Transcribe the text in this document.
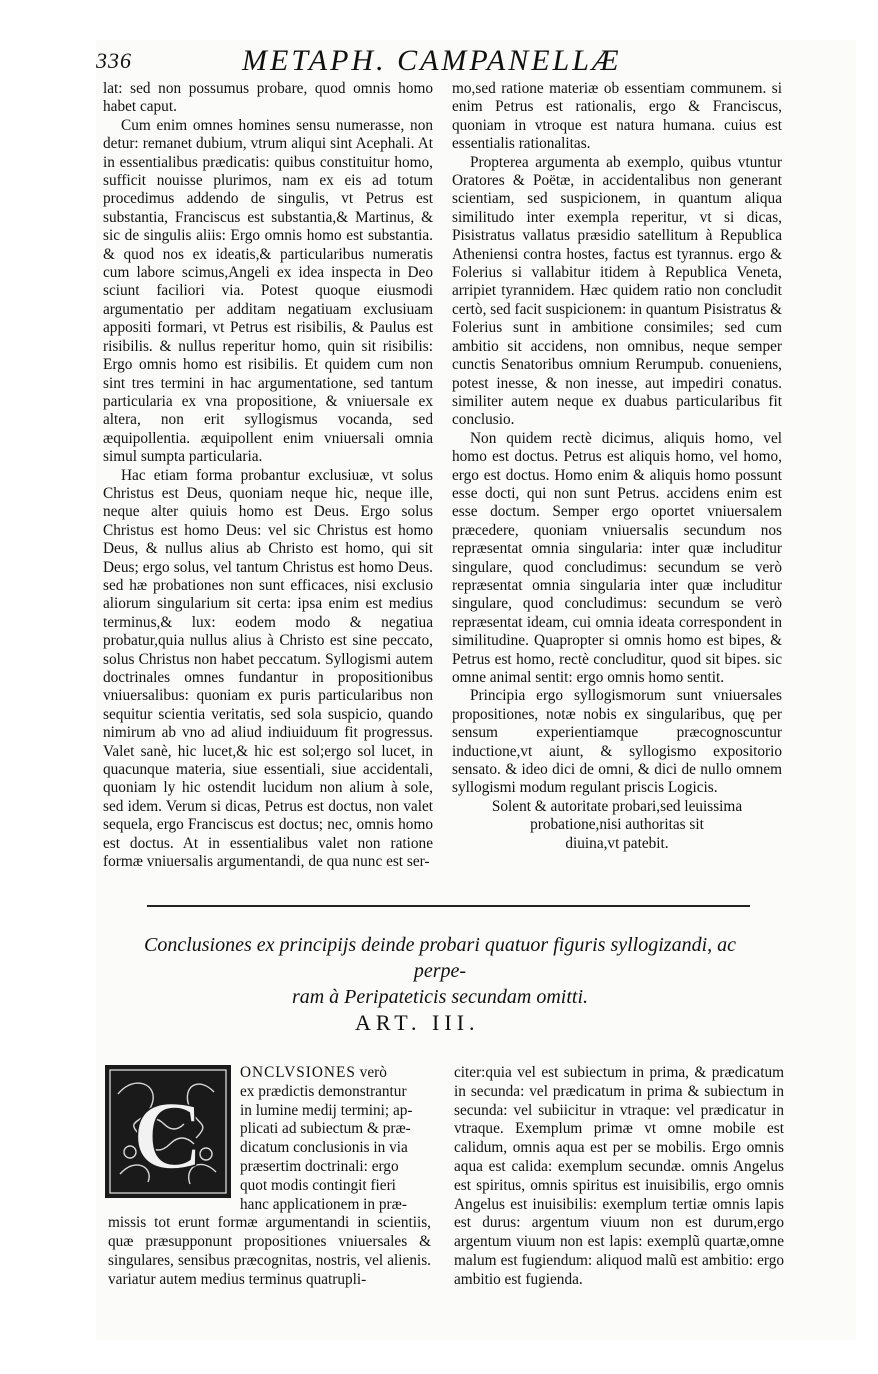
336	METAPH. CAMPANELLÆ

lat: sed non possumus probare, quod omnis homo habet caput.

Cum enim omnes homines sensu numerasse, non detur: remanet dubium, vtrum aliqui sint Acephali. At in essentialibus prædicatis: quibus constituitur homo, sufficit nouisse plurimos, nam ex eis ad totum procedimus addendo de singulis, vt Petrus est substantia, Franciscus est substantia,& Martinus, & sic de singulis aliis: Ergo omnis homo est substantia. & quod nos ex ideatis,& particularibus numeratis cum labore scimus,Angeli ex idea inspecta in Deo sciunt faciliori via. Potest quoque eiusmodi argumentatio per additam negatiuam exclusiuam appositi formari, vt Petrus est risibilis, & Paulus est risibilis. & nullus reperitur homo, quin sit risibilis: Ergo omnis homo est risibilis. Et quidem cum non sint tres termini in hac argumentatione, sed tantum particularia ex vna propositione, & vniuersale ex altera, non erit syllogismus vocanda, sed æquipollentia. æquipollent enim vniuersali omnia simul sumpta particularia.

Hac etiam forma probantur exclusiuæ, vt solus Christus est Deus, quoniam neque hic, neque ille, neque alter quiuis homo est Deus. Ergo solus Christus est homo Deus: vel sic Christus est homo Deus, & nullus alius ab Christo est homo, qui sit Deus; ergo solus, vel tantum Christus est homo Deus. sed hæ probationes non sunt efficaces, nisi exclusio aliorum singularium sit certa: ipsa enim est medius terminus,& lux: eodem modo & negatiua probatur,quia nullus alius à Christo est sine peccato, solus Christus non habet peccatum. Syllogismi autem doctrinales omnes fundantur in propositionibus vniuersalibus: quoniam ex puris particularibus non sequitur scientia veritatis, sed sola suspicio, quando nimirum ab vno ad aliud indiuiduum fit progressus. Valet sanè, hic lucet,& hic est sol;ergo sol lucet, in quacunque materia, siue essentiali, siue accidentali, quoniam ly hic ostendit lucidum non alium à sole, sed idem. Verum si dicas, Petrus est doctus, non valet sequela, ergo Franciscus est doctus; nec, omnis homo est doctus. At in essentialibus valet non ratione formæ vniuersalis argumentandi, de qua nunc est ser-

mo,sed ratione materiæ ob essentiam communem. si enim Petrus est rationalis, ergo & Franciscus, quoniam in vtroque est natura humana. cuius est essentialis rationalitas.

Propterea argumenta ab exemplo, quibus vtuntur Oratores & Poëtæ, in accidentalibus non generant scientiam, sed suspicionem, in quantum aliqua similitudo inter exempla reperitur, vt si dicas, Pisistratus vallatus præsidio satellitum à Republica Atheniensi contra hostes, factus est tyrannus. ergo & Folerius si vallabitur itidem à Republica Veneta, arripiet tyrannidem. Hæc quidem ratio non concludit certò, sed facit suspicionem: in quantum Pisistratus & Folerius sunt in ambitione consimiles; sed cum ambitio sit accidens, non omnibus, neque semper cunctis Senatoribus omnium Rerumpub. conueniens, potest inesse, & non inesse, aut impediri conatus. similiter autem neque ex duabus particularibus fit conclusio.

Non quidem rectè dicimus, aliquis homo, vel homo est doctus. Petrus est aliquis homo, vel homo, ergo est doctus. Homo enim & aliquis homo possunt esse docti, qui non sunt Petrus. accidens enim est esse doctum. Semper ergo oportet vniuersalem præcedere, quoniam vniuersalis secundum nos repræsentat omnia singularia: inter quæ includitur singulare, quod concludimus: secundum se verò repræsentat omnia singularia inter quæ includitur singulare, quod concludimus: secundum se verò repræsentat ideam, cui omnia ideata correspondent in similitudine. Quapropter si omnis homo est bipes, & Petrus est homo, rectè concluditur, quod sit bipes. sic omne animal sentit: ergo omnis homo sentit.

Principia ergo syllogismorum sunt vniuersales propositiones, notæ nobis ex singularibus, quę per sensum experientiamque præcognoscuntur inductione,vt aiunt, & syllogismo expositorio sensato. & ideo dici de omni, & dici de nullo omnem syllogismi modum regulant priscis Logicis.

Solent & autoritate probari,sed leuissima
probatione,nisi authoritas sit
diuina,vt patebit.
Conclusiones ex principijs deinde probari quatuor figuris syllogizandi, ac perpe-
ram à Peripateticis secundam omitti.
ART. III.
C
ONCLVSIONES verò
ex prædictis demonstrantur
in lumine medij termini; ap-
plicati ad subiectum & præ-
dicatum conclusionis in via
præsertim doctrinali: ergo
quot modis contingit fieri
hanc applicationem in præ-
missis tot erunt formæ argumentandi in scientiis, quæ præsupponunt propositiones vniuersales & singulares, sensibus præcognitas, nostris, vel alienis. variatur autem medius terminus quatrupli-
citer:quia vel est subiectum in prima, & prædicatum in secunda: vel prædicatum in prima & subiectum in secunda: vel subiicitur in vtraque: vel prædicatur in vtraque. Exemplum primæ vt omne mobile est calidum, omnis aqua est per se mobilis. Ergo omnis aqua est calida: exemplum secundæ. omnis Angelus est spiritus, omnis spiritus est inuisibilis, ergo omnis Angelus est inuisibilis: exemplum tertiæ omnis lapis est durus: argentum viuum non est durum,ergo argentum viuum non est lapis: exemplũ quartæ,omne malum est fugiendum: aliquod malũ est ambitio: ergo ambitio est fugienda.
